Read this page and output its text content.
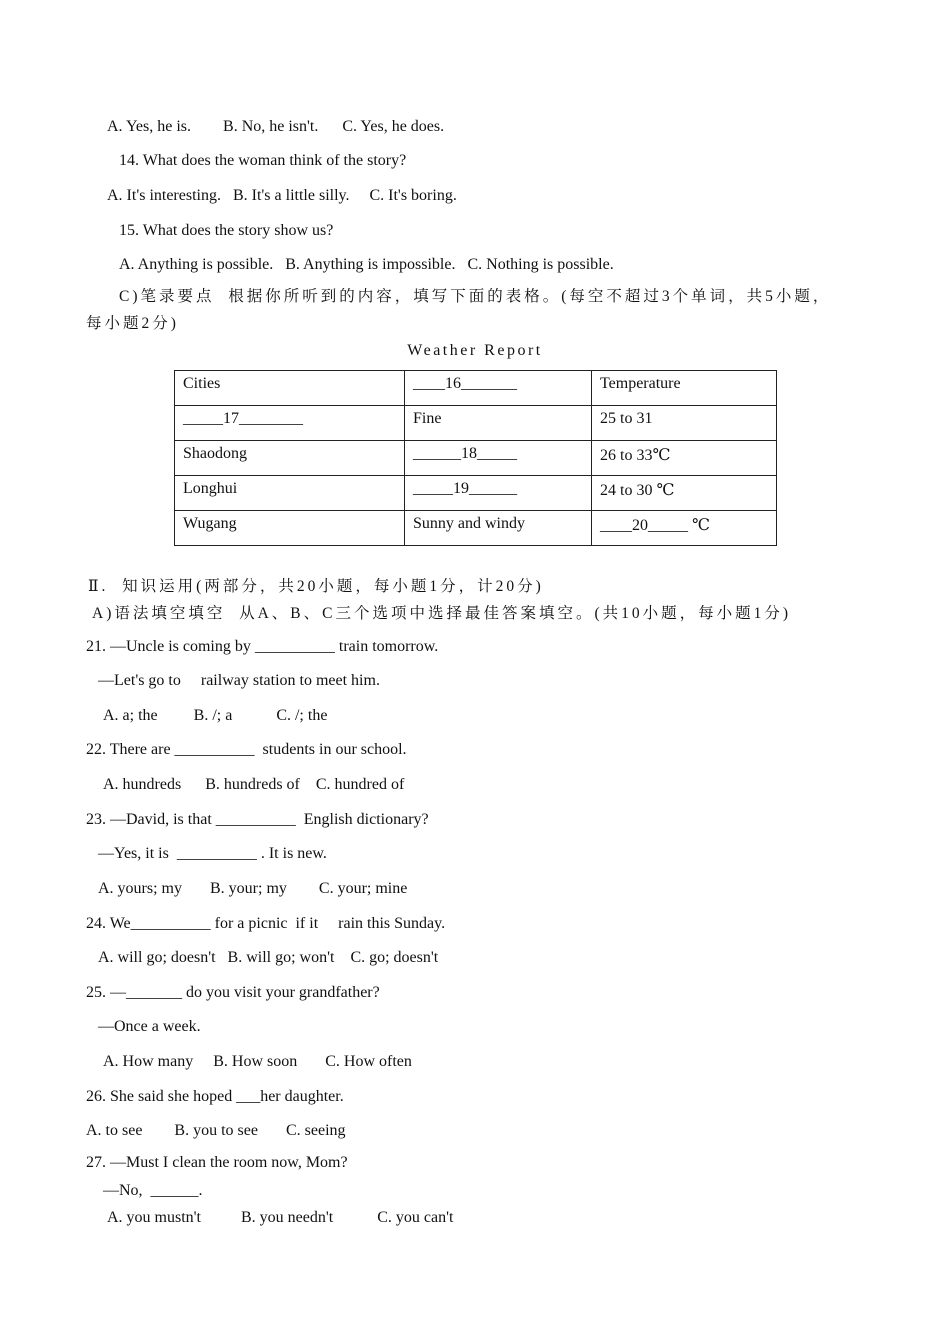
A. Yes, he is.        B. No, he isn't.      C. Yes, he does.
14. What does the woman think of the story?
A. It's interesting.   B. It's a little silly.     C. It's boring.
15. What does the story show us?
A. Anything is possible.   B. Anything is impossible.   C. Nothing is possible.
C)笔录要点  根据你所听到的内容，填写下面的表格。(每空不超过3个单词，共5小题，
每小题2分)
Weather Report
Cities	____16_______	Temperature
_____17________	Fine	25 to 31
Shaodong	______18_____	26 to 33℃
Longhui	_____19______	24 to 30 ℃
Wugang	Sunny and windy	____20_____ ℃
Ⅱ.  知识运用(两部分，共20小题，每小题1分，计20分)
A)语法填空填空  从A、B、C三个选项中选择最佳答案填空。(共10小题，每小题1分)
21. —Uncle is coming by __________ train tomorrow.
—Let's go to     railway station to meet him.
A. a; the         B. /; a           C. /; the
22. There are __________  students in our school.
A. hundreds      B. hundreds of    C. hundred of
23. —David, is that __________  English dictionary?
—Yes, it is  __________ . It is new.
A. yours; my       B. your; my        C. your; mine
24. We__________ for a picnic  if it     rain this Sunday.
A. will go; doesn't   B. will go; won't    C. go; doesn't
25. —_______ do you visit your grandfather?
—Once a week.
A. How many     B. How soon       C. How often
26. She said she hoped ___her daughter.
A. to see        B. you to see       C. seeing
27. —Must I clean the room now, Mom?
—No,  ______.
A. you mustn't          B. you needn't           C. you can't
